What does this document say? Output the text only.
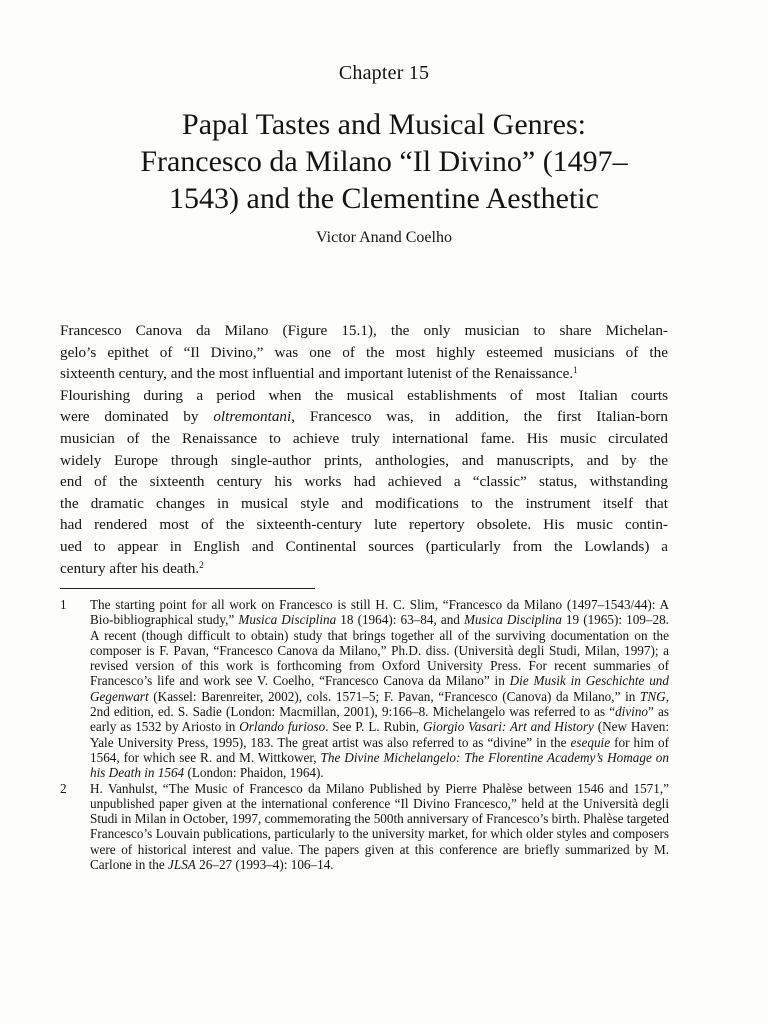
Chapter 15
Papal Tastes and Musical Genres:
Francesco da Milano “Il Divino” (1497–
1543) and the Clementine Aesthetic
Victor Anand Coelho
Francesco Canova da Milano (Figure 15.1), the only musician to share Michelan-
gelo’s epithet of “Il Divino,” was one of the most highly esteemed musicians of the
sixteenth century, and the most influential and important lutenist of the Renaissance.$^1$
Flourishing during a period when the musical establishments of most Italian courts
were dominated by oltremontani, Francesco was, in addition, the first Italian-born
musician of the Renaissance to achieve truly international fame. His music circulated
widely Europe through single-author prints, anthologies, and manuscripts, and by the
end of the sixteenth century his works had achieved a “classic” status, withstanding
the dramatic changes in musical style and modifications to the instrument itself that
had rendered most of the sixteenth-century lute repertory obsolete. His music contin-
ued to appear in English and Continental sources (particularly from the Lowlands) a
century after his death.$^2$
1 The starting point for all work on Francesco is still H. C. Slim, “Francesco da Milano (1497–1543/44): A Bio-bibliographical study,” Musica Disciplina 18 (1964): 63–84, and Musica Disciplina 19 (1965): 109–28. A recent (though difficult to obtain) study that brings together all of the surviving documentation on the composer is F. Pavan, “Francesco Canova da Milano,” Ph.D. diss. (Università degli Studi, Milan, 1997); a revised version of this work is forthcoming from Oxford University Press. For recent summaries of Francesco’s life and work see V. Coelho, “Francesco Canova da Milano” in Die Musik in Geschichte und Gegenwart (Kassel: Barenreiter, 2002), cols. 1571–5; F. Pavan, “Francesco (Canova) da Milano,” in TNG, 2nd edition, ed. S. Sadie (London: Macmillan, 2001), 9:166–8. Michelangelo was referred to as “divino” as early as 1532 by Ariosto in Orlando furioso. See P. L. Rubin, Giorgio Vasari: Art and History (New Haven: Yale University Press, 1995), 183. The great artist was also referred to as “divine” in the esequie for him of 1564, for which see R. and M. Wittkower, The Divine Michelangelo: The Florentine Academy’s Homage on his Death in 1564 (London: Phaidon, 1964).
2 H. Vanhulst, “The Music of Francesco da Milano Published by Pierre Phalèse between 1546 and 1571,” unpublished paper given at the international conference “Il Divino Francesco,” held at the Università degli Studi in Milan in October, 1997, commemorating the 500th anniversary of Francesco’s birth. Phalèse targeted Francesco’s Louvain publications, particularly to the university market, for which older styles and composers were of historical interest and value. The papers given at this conference are briefly summarized by M. Carlone in the JLSA 26–27 (1993–4): 106–14.
